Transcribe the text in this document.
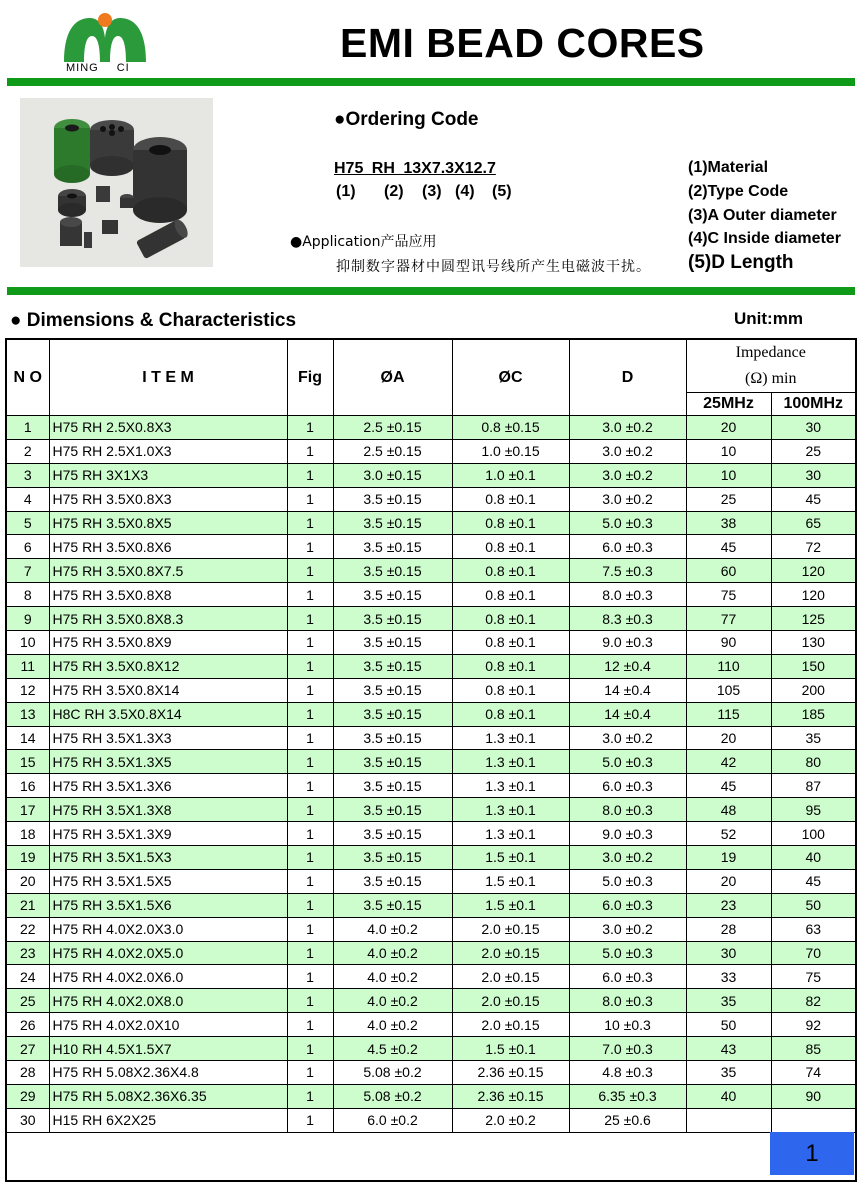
MING CI
EMI BEAD CORES
●Ordering Code
H75 RH 13X7.3X12.7
(1) (2) (3) (4) (5)
(1)Material
(2)Type Code
(3)A Outer diameter
(4)C Inside diameter
(5)D Length
●Application产品应用
抑制数字器材中圆型讯号线所产生电磁波干扰。
● Dimensions & Characteristics	Unit:mm
N O	I T E M	Fig	ØA	ØC	D	Impedance
(Ω) min	

						25MHz	100MHz
1	H75 RH 2.5X0.8X3	1	2.5 ±0.15	0.8 ±0.15	3.0 ±0.2	20	30
2	H75 RH 2.5X1.0X3	1	2.5 ±0.15	1.0 ±0.15	3.0 ±0.2	10	25
3	H75 RH 3X1X3	1	3.0 ±0.15	1.0 ±0.1	3.0 ±0.2	10	30
4	H75 RH 3.5X0.8X3	1	3.5 ±0.15	0.8 ±0.1	3.0 ±0.2	25	45
5	H75 RH 3.5X0.8X5	1	3.5 ±0.15	0.8 ±0.1	5.0 ±0.3	38	65
6	H75 RH 3.5X0.8X6	1	3.5 ±0.15	0.8 ±0.1	6.0 ±0.3	45	72
7	H75 RH 3.5X0.8X7.5	1	3.5 ±0.15	0.8 ±0.1	7.5 ±0.3	60	120
8	H75 RH 3.5X0.8X8	1	3.5 ±0.15	0.8 ±0.1	8.0 ±0.3	75	120
9	H75 RH 3.5X0.8X8.3	1	3.5 ±0.15	0.8 ±0.1	8.3 ±0.3	77	125
10	H75 RH 3.5X0.8X9	1	3.5 ±0.15	0.8 ±0.1	9.0 ±0.3	90	130
11	H75 RH 3.5X0.8X12	1	3.5 ±0.15	0.8 ±0.1	12 ±0.4	110	150
12	H75 RH 3.5X0.8X14	1	3.5 ±0.15	0.8 ±0.1	14 ±0.4	105	200
13	H8C RH 3.5X0.8X14	1	3.5 ±0.15	0.8 ±0.1	14 ±0.4	115	185
14	H75 RH 3.5X1.3X3	1	3.5 ±0.15	1.3 ±0.1	3.0 ±0.2	20	35
15	H75 RH 3.5X1.3X5	1	3.5 ±0.15	1.3 ±0.1	5.0 ±0.3	42	80
16	H75 RH 3.5X1.3X6	1	3.5 ±0.15	1.3 ±0.1	6.0 ±0.3	45	87
17	H75 RH 3.5X1.3X8	1	3.5 ±0.15	1.3 ±0.1	8.0 ±0.3	48	95
18	H75 RH 3.5X1.3X9	1	3.5 ±0.15	1.3 ±0.1	9.0 ±0.3	52	100
19	H75 RH 3.5X1.5X3	1	3.5 ±0.15	1.5 ±0.1	3.0 ±0.2	19	40
20	H75 RH 3.5X1.5X5	1	3.5 ±0.15	1.5 ±0.1	5.0 ±0.3	20	45
21	H75 RH 3.5X1.5X6	1	3.5 ±0.15	1.5 ±0.1	6.0 ±0.3	23	50
22	H75 RH 4.0X2.0X3.0	1	4.0 ±0.2	2.0 ±0.15	3.0 ±0.2	28	63
23	H75 RH 4.0X2.0X5.0	1	4.0 ±0.2	2.0 ±0.15	5.0 ±0.3	30	70
24	H75 RH 4.0X2.0X6.0	1	4.0 ±0.2	2.0 ±0.15	6.0 ±0.3	33	75
25	H75 RH 4.0X2.0X8.0	1	4.0 ±0.2	2.0 ±0.15	8.0 ±0.3	35	82
26	H75 RH 4.0X2.0X10	1	4.0 ±0.2	2.0 ±0.15	10 ±0.3	50	92
27	H10 RH 4.5X1.5X7	1	4.5 ±0.2	1.5 ±0.1	7.0 ±0.3	43	85
28	H75 RH 5.08X2.36X4.8	1	5.08 ±0.2	2.36 ±0.15	4.8 ±0.3	35	74
29	H75 RH 5.08X2.36X6.35	1	5.08 ±0.2	2.36 ±0.15	6.35 ±0.3	40	90
30	H15 RH 6X2X25	1	6.0 ±0.2	2.0 ±0.2	25 ±0.6		

1
